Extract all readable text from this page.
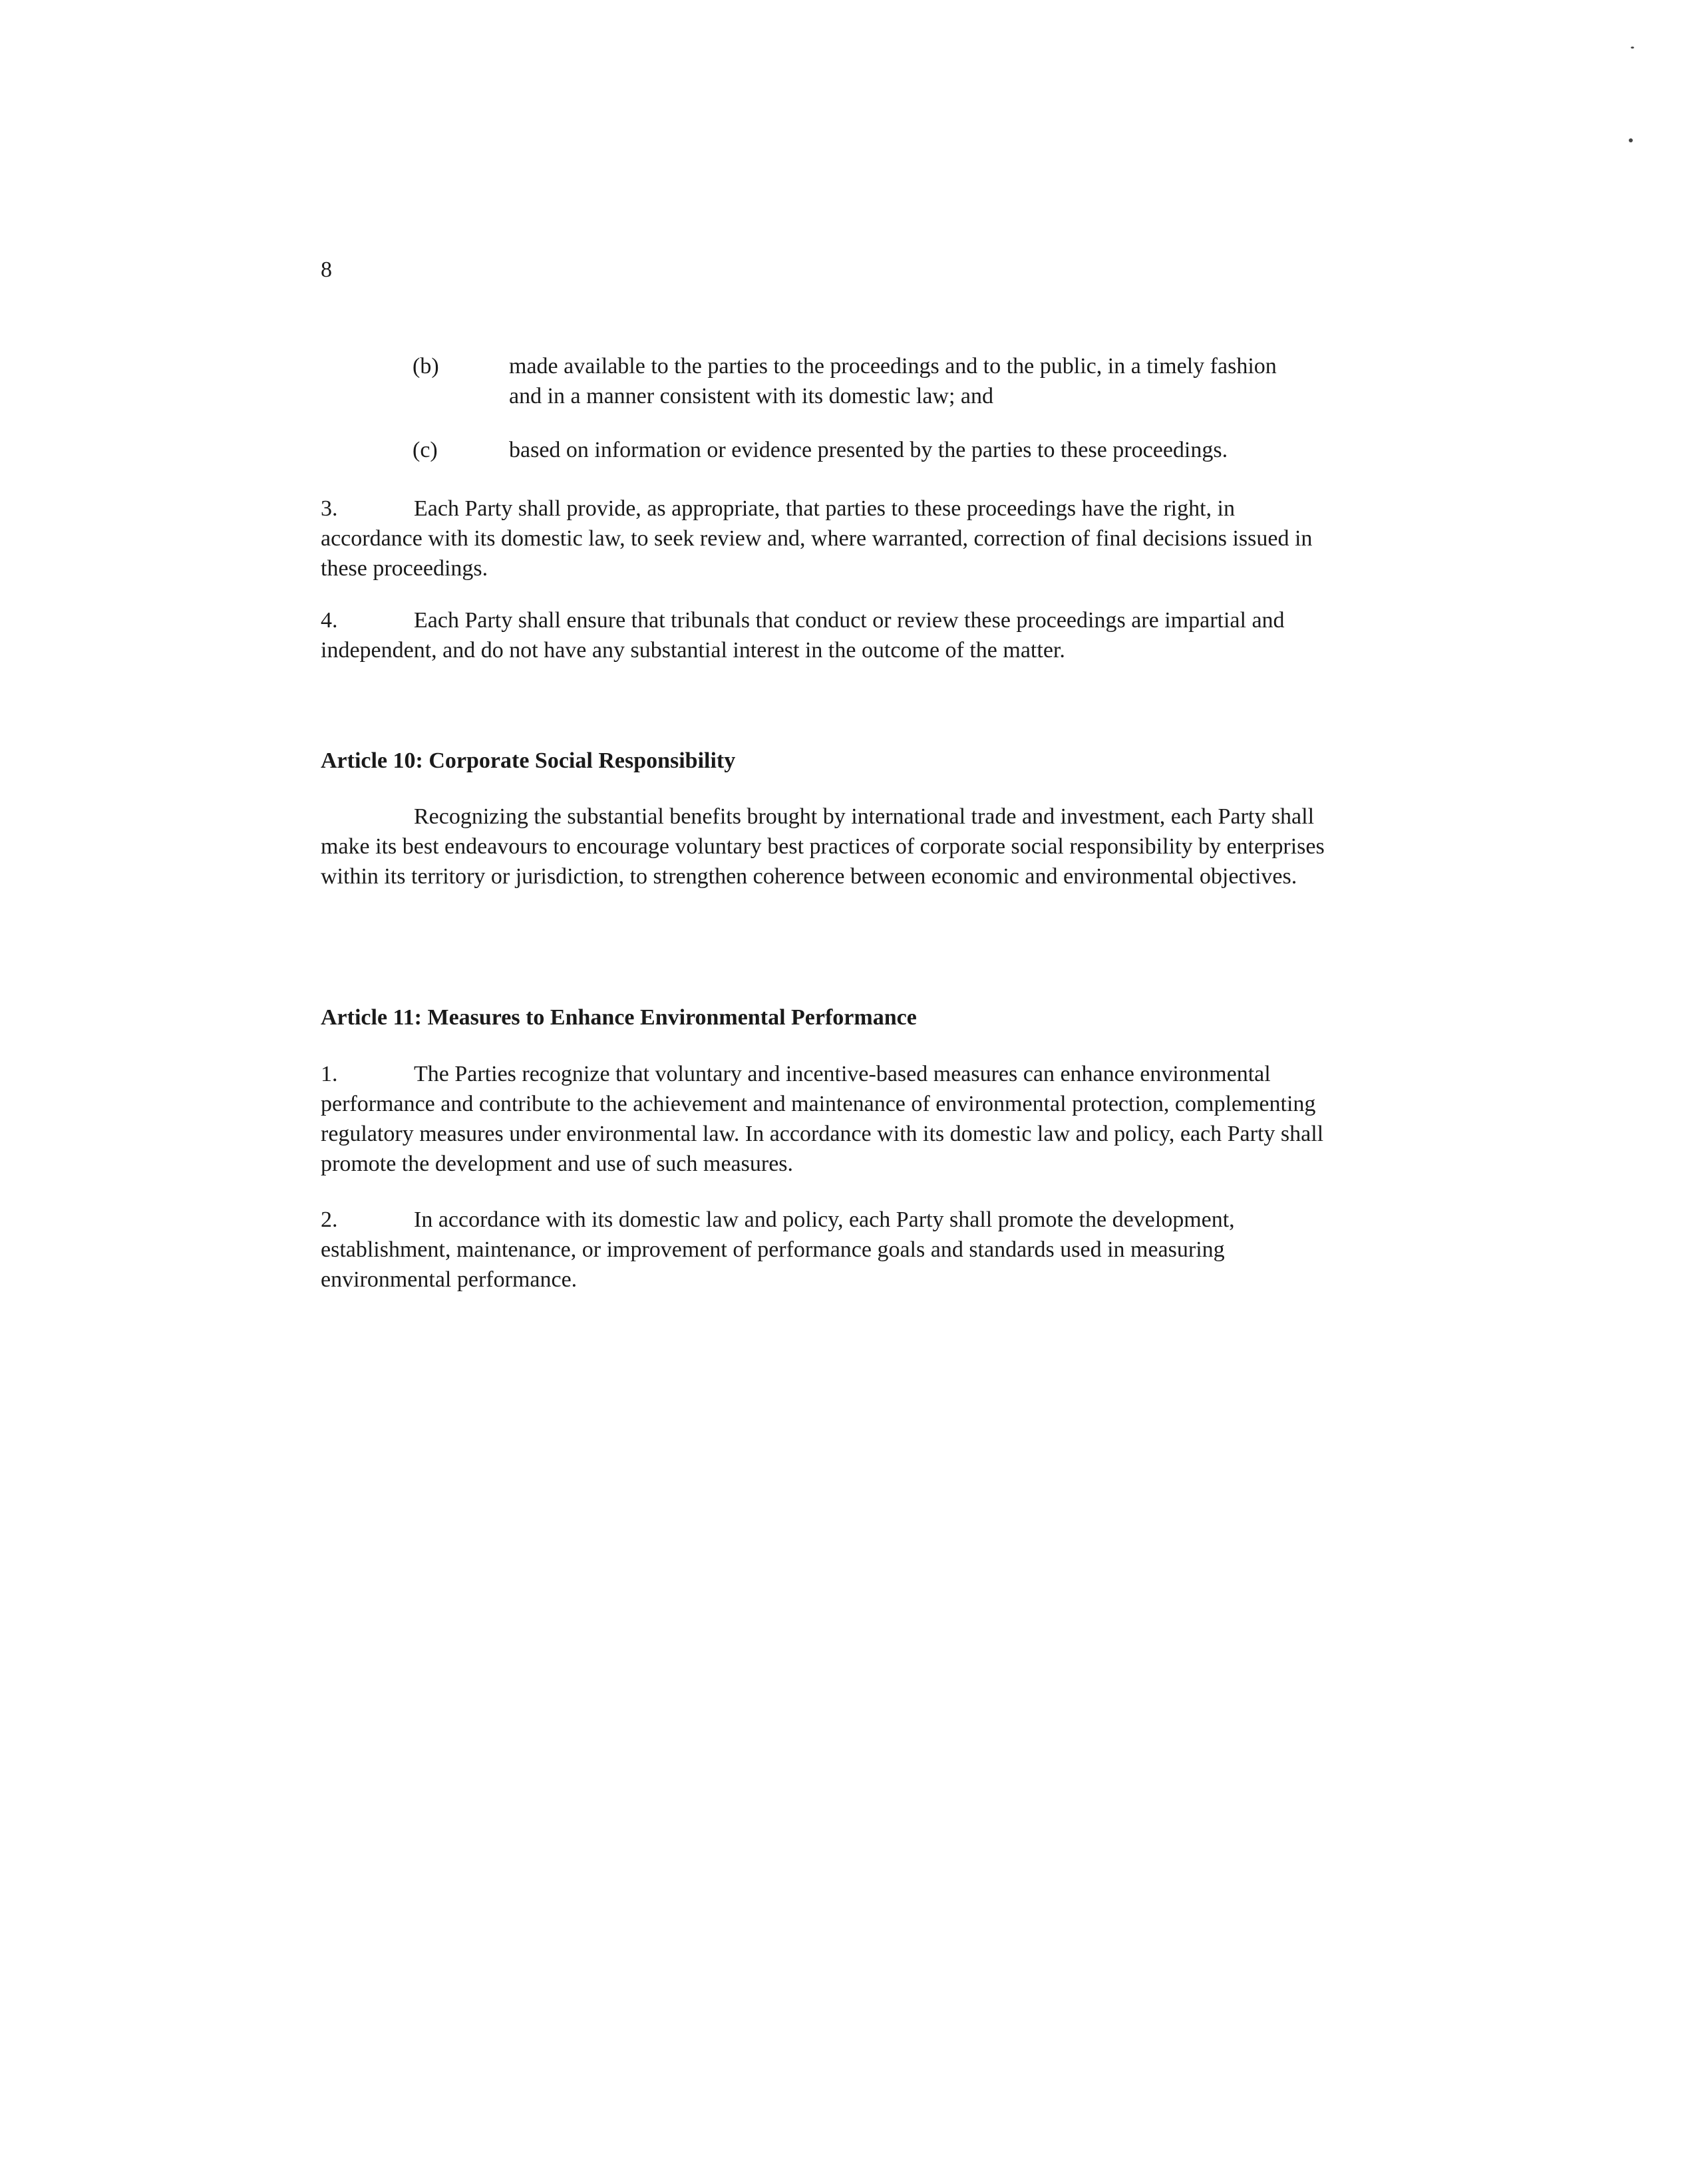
8
(b)	made available to the parties to the proceedings and to the public, in a timely fashion and in a manner consistent with its domestic law; and
(c)	based on information or evidence presented by the parties to these proceedings.
3.	Each Party shall provide, as appropriate, that parties to these proceedings have the right, in accordance with its domestic law, to seek review and, where warranted, correction of final decisions issued in these proceedings.
4.	Each Party shall ensure that tribunals that conduct or review these proceedings are impartial and independent, and do not have any substantial interest in the outcome of the matter.
Article 10: Corporate Social Responsibility
Recognizing the substantial benefits brought by international trade and investment, each Party shall make its best endeavours to encourage voluntary best practices of corporate social responsibility by enterprises within its territory or jurisdiction, to strengthen coherence between economic and environmental objectives.
Article 11: Measures to Enhance Environmental Performance
1.	The Parties recognize that voluntary and incentive-based measures can enhance environmental performance and contribute to the achievement and maintenance of environmental protection, complementing regulatory measures under environmental law. In accordance with its domestic law and policy, each Party shall promote the development and use of such measures.
2.	In accordance with its domestic law and policy, each Party shall promote the development, establishment, maintenance, or improvement of performance goals and standards used in measuring environmental performance.
